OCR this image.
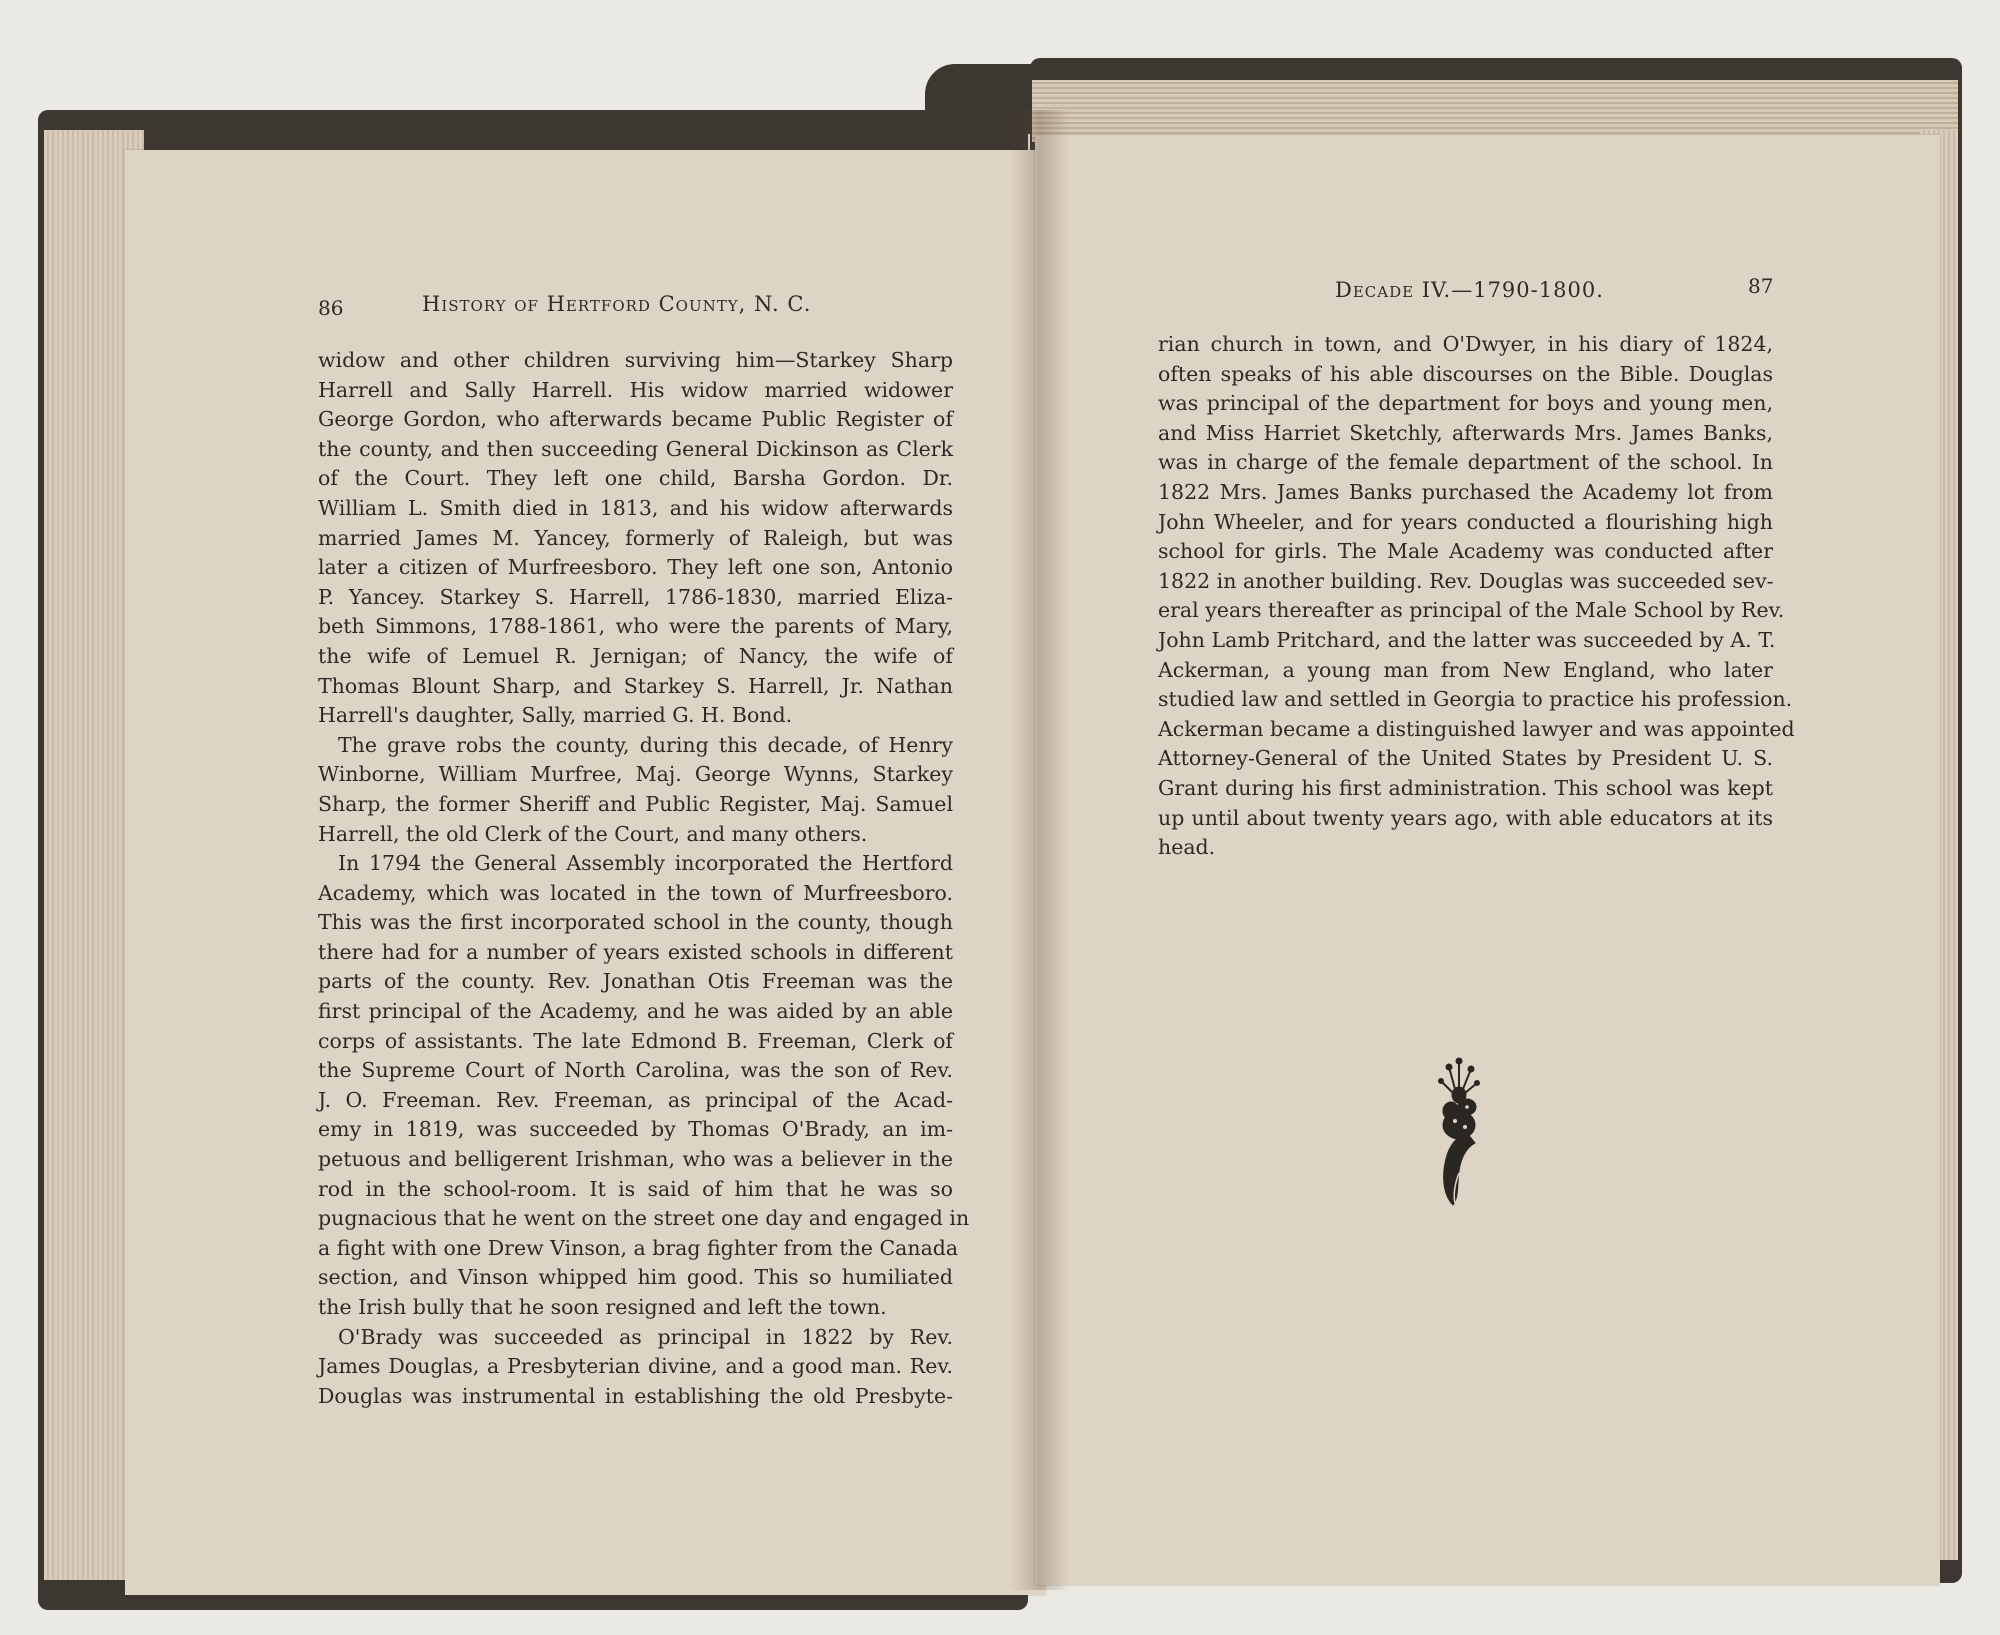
86	History of Hertford County, N. C.
widow and other children surviving him—Starkey Sharp
Harrell and Sally Harrell. His widow married widower
George Gordon, who afterwards became Public Register of
the county, and then succeeding General Dickinson as Clerk
of the Court. They left one child, Barsha Gordon. Dr.
William L. Smith died in 1813, and his widow afterwards
married James M. Yancey, formerly of Raleigh, but was
later a citizen of Murfreesboro. They left one son, Antonio
P. Yancey. Starkey S. Harrell, 1786-1830, married Eliza-
beth Simmons, 1788-1861, who were the parents of Mary,
the wife of Lemuel R. Jernigan; of Nancy, the wife of
Thomas Blount Sharp, and Starkey S. Harrell, Jr. Nathan
Harrell's daughter, Sally, married G. H. Bond.
The grave robs the county, during this decade, of Henry
Winborne, William Murfree, Maj. George Wynns, Starkey
Sharp, the former Sheriff and Public Register, Maj. Samuel
Harrell, the old Clerk of the Court, and many others.
In 1794 the General Assembly incorporated the Hertford
Academy, which was located in the town of Murfreesboro.
This was the first incorporated school in the county, though
there had for a number of years existed schools in different
parts of the county. Rev. Jonathan Otis Freeman was the
first principal of the Academy, and he was aided by an able
corps of assistants. The late Edmond B. Freeman, Clerk of
the Supreme Court of North Carolina, was the son of Rev.
J. O. Freeman. Rev. Freeman, as principal of the Acad-
emy in 1819, was succeeded by Thomas O'Brady, an im-
petuous and belligerent Irishman, who was a believer in the
rod in the school-room. It is said of him that he was so
pugnacious that he went on the street one day and engaged in
a fight with one Drew Vinson, a brag fighter from the Canada
section, and Vinson whipped him good. This so humiliated
the Irish bully that he soon resigned and left the town.
O'Brady was succeeded as principal in 1822 by Rev.
James Douglas, a Presbyterian divine, and a good man. Rev.
Douglas was instrumental in establishing the old Presbyte-
Decade IV.—1790-1800.	87
rian church in town, and O'Dwyer, in his diary of 1824,
often speaks of his able discourses on the Bible. Douglas
was principal of the department for boys and young men,
and Miss Harriet Sketchly, afterwards Mrs. James Banks,
was in charge of the female department of the school. In
1822 Mrs. James Banks purchased the Academy lot from
John Wheeler, and for years conducted a flourishing high
school for girls. The Male Academy was conducted after
1822 in another building. Rev. Douglas was succeeded sev-
eral years thereafter as principal of the Male School by Rev.
John Lamb Pritchard, and the latter was succeeded by A. T.
Ackerman, a young man from New England, who later
studied law and settled in Georgia to practice his profession.
Ackerman became a distinguished lawyer and was appointed
Attorney-General of the United States by President U. S.
Grant during his first administration. This school was kept
up until about twenty years ago, with able educators at its
head.
